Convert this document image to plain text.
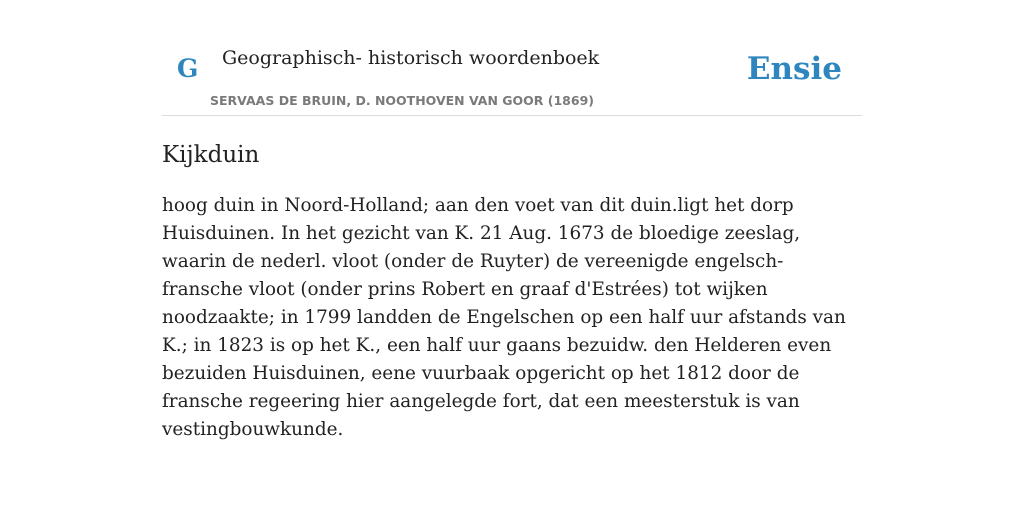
G Geographisch- historisch woordenboek
SERVAAS DE BRUIN, D. NOOTHOVEN VAN GOOR (1869)
Ensie
Kijkduin

hoog duin in Noord-Holland; aan den voet van dit duin.ligt het dorp Huisduinen. In het gezicht van K. 21 Aug. 1673 de bloedige zeeslag, waarin de nederl. vloot (onder de Ruyter) de vereenigde engelsch-fransche vloot (onder prins Robert en graaf d'Estrées) tot wijken noodzaakte; in 1799 landden de Engelschen op een half uur afstands van K.; in 1823 is op het K., een half uur gaans bezuidw. den Helderen even bezuiden Huisduinen, eene vuurbaak opgericht op het 1812 door de fransche regeering hier aangelegde fort, dat een meesterstuk is van vestingbouwkunde.
